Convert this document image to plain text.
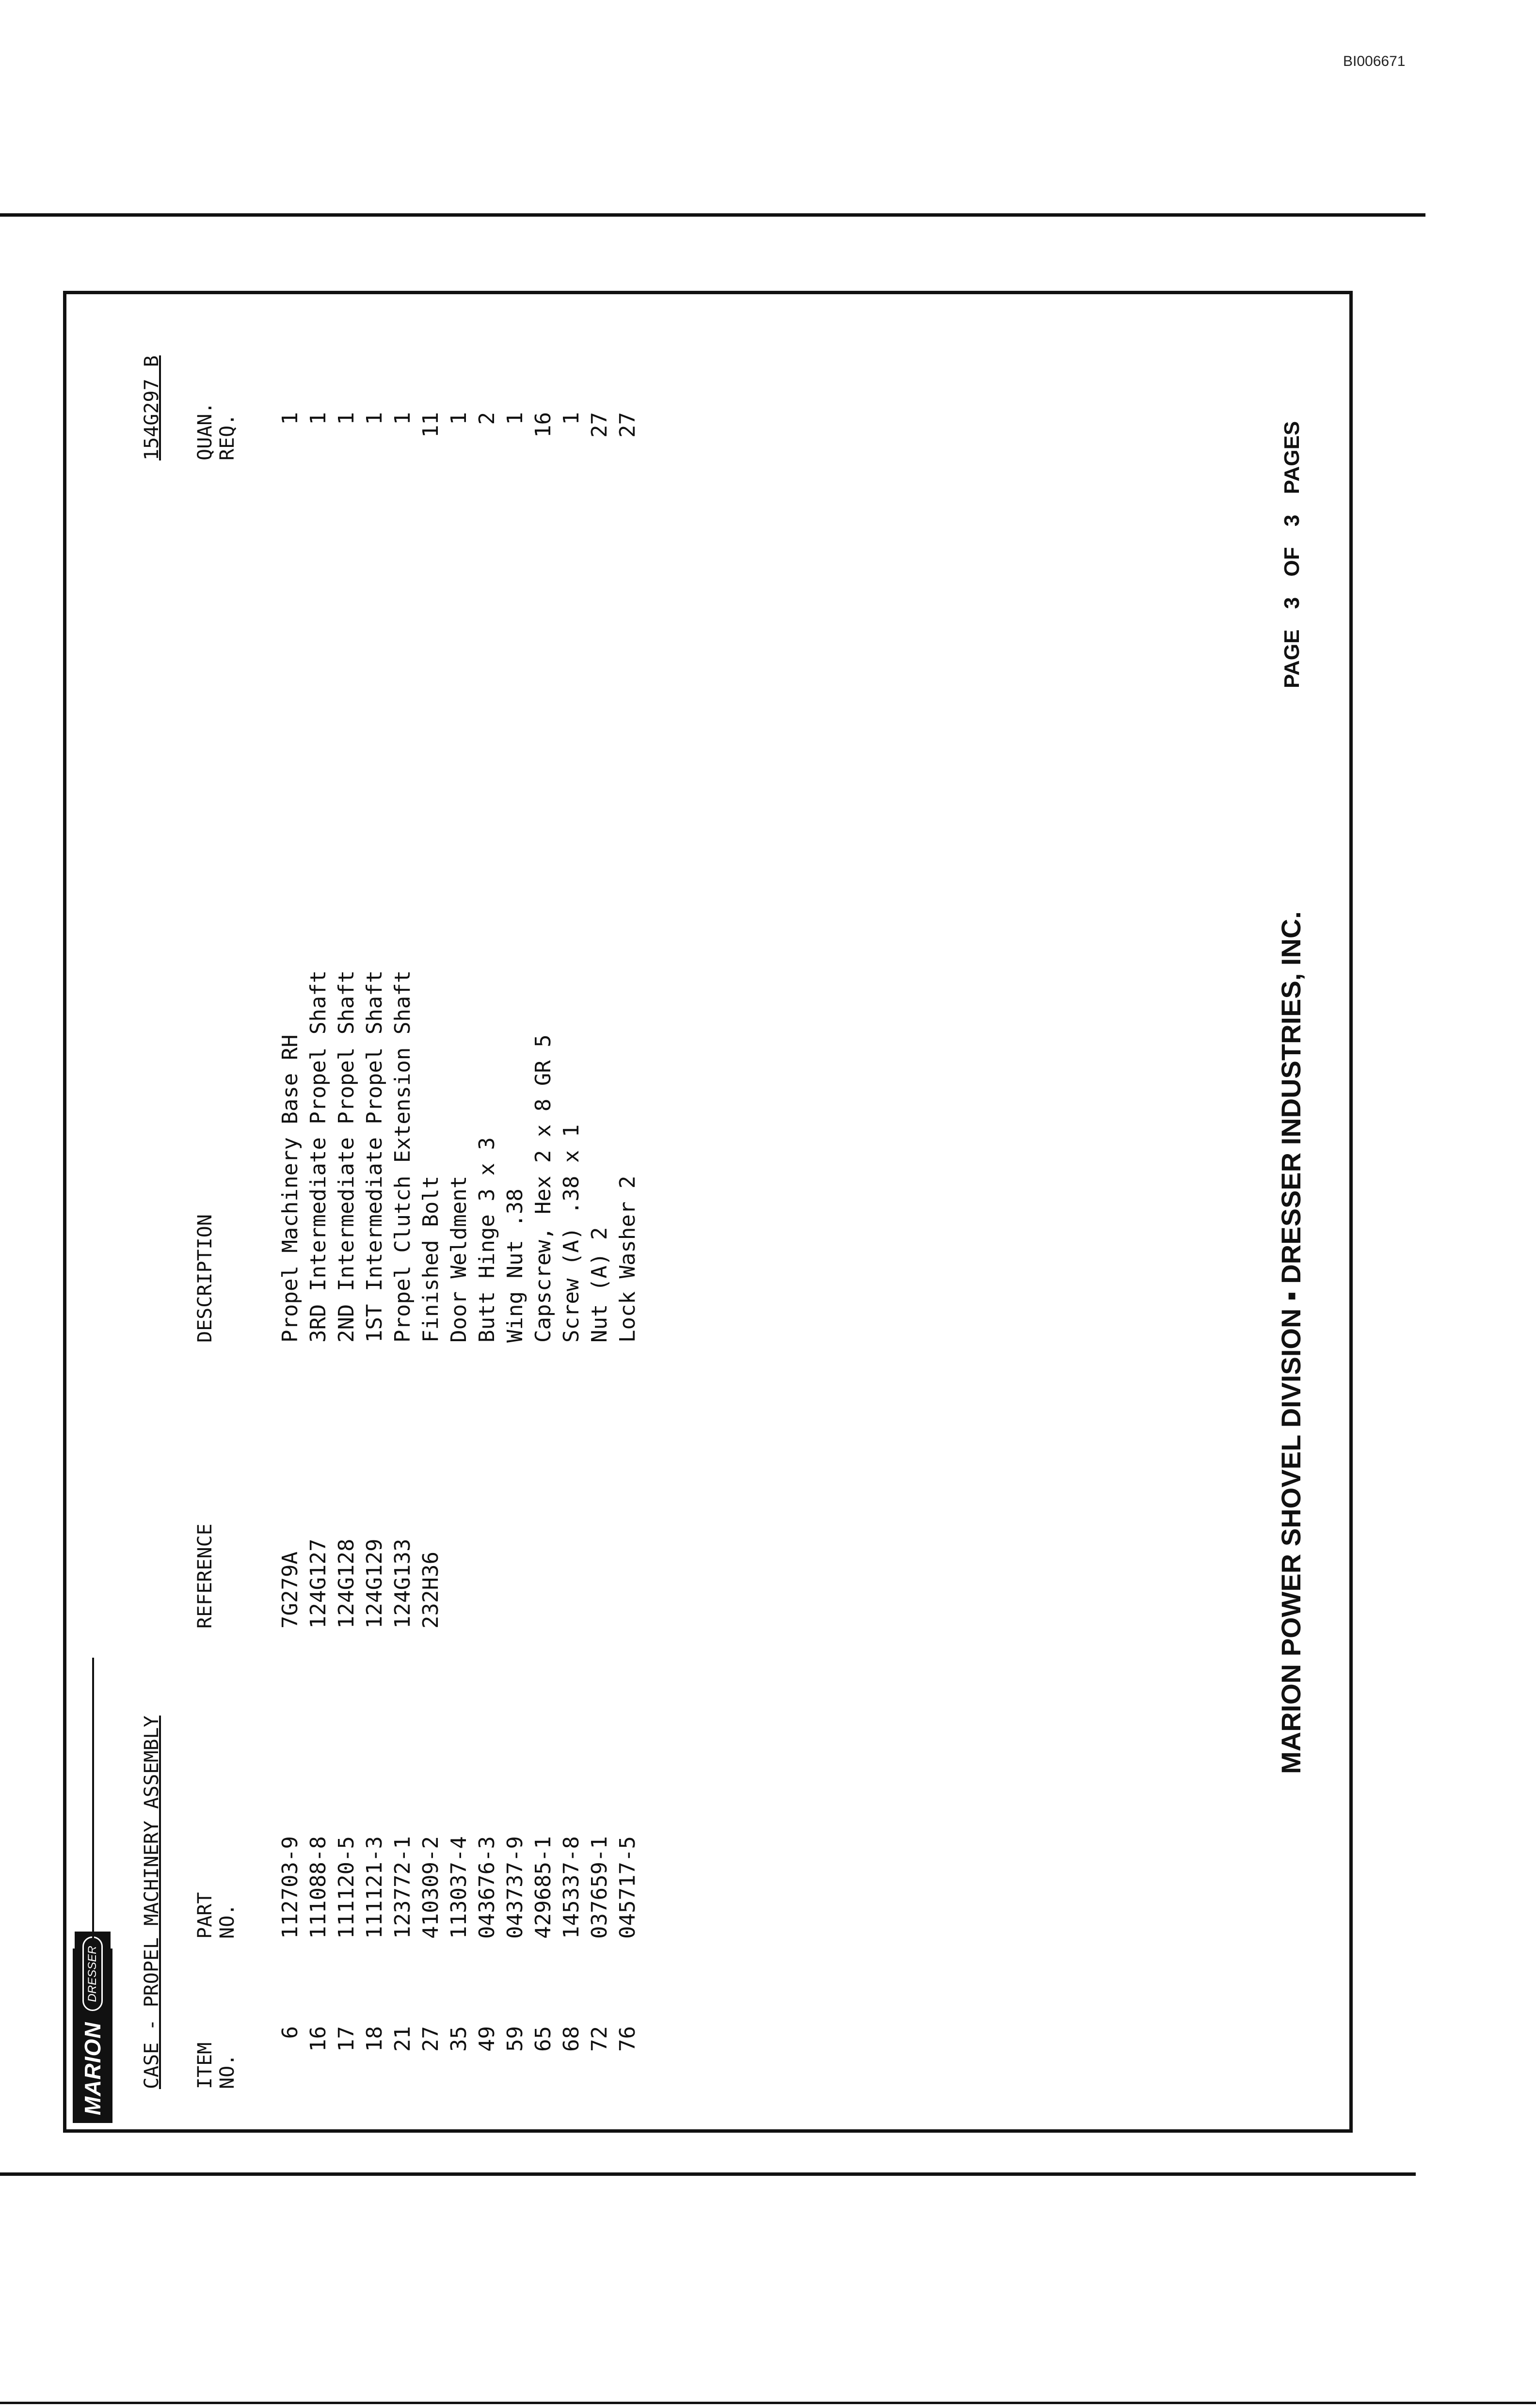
BI006671
MARION
DRESSER CASE - PROPEL MACHINERY ASSEMBLY
154G297 B
ITEM
NO.
PART
NO.
REFERENCE
DESCRIPTION
QUAN.
REQ.
6
112703-9
7G279A
Propel Machinery Base RH
1
16
111088-8
124G127
3RD Intermediate Propel Shaft
1
17
111120-5
124G128
2ND Intermediate Propel Shaft
1
18
111121-3
124G129
1ST Intermediate Propel Shaft
1
21
123772-1
124G133
Propel Clutch Extension Shaft
1
27
410309-2
232H36
Finished Bolt
11
35
113037-4
Door Weldment
1
49
043676-3
Butt Hinge 3 x 3
2
59
043737-9
Wing Nut .38
1
65
429685-1
Capscrew, Hex 2 x 8 GR 5
16
68
145337-8
Screw (A) .38 x 1
1
72
037659-1
Nut (A) 2
27
76
045717-5
Lock Washer 2
27
MARION POWER SHOVEL DIVISION ▪ DRESSER INDUSTRIES, INC.
PAGE 3 OF 3 PAGES
